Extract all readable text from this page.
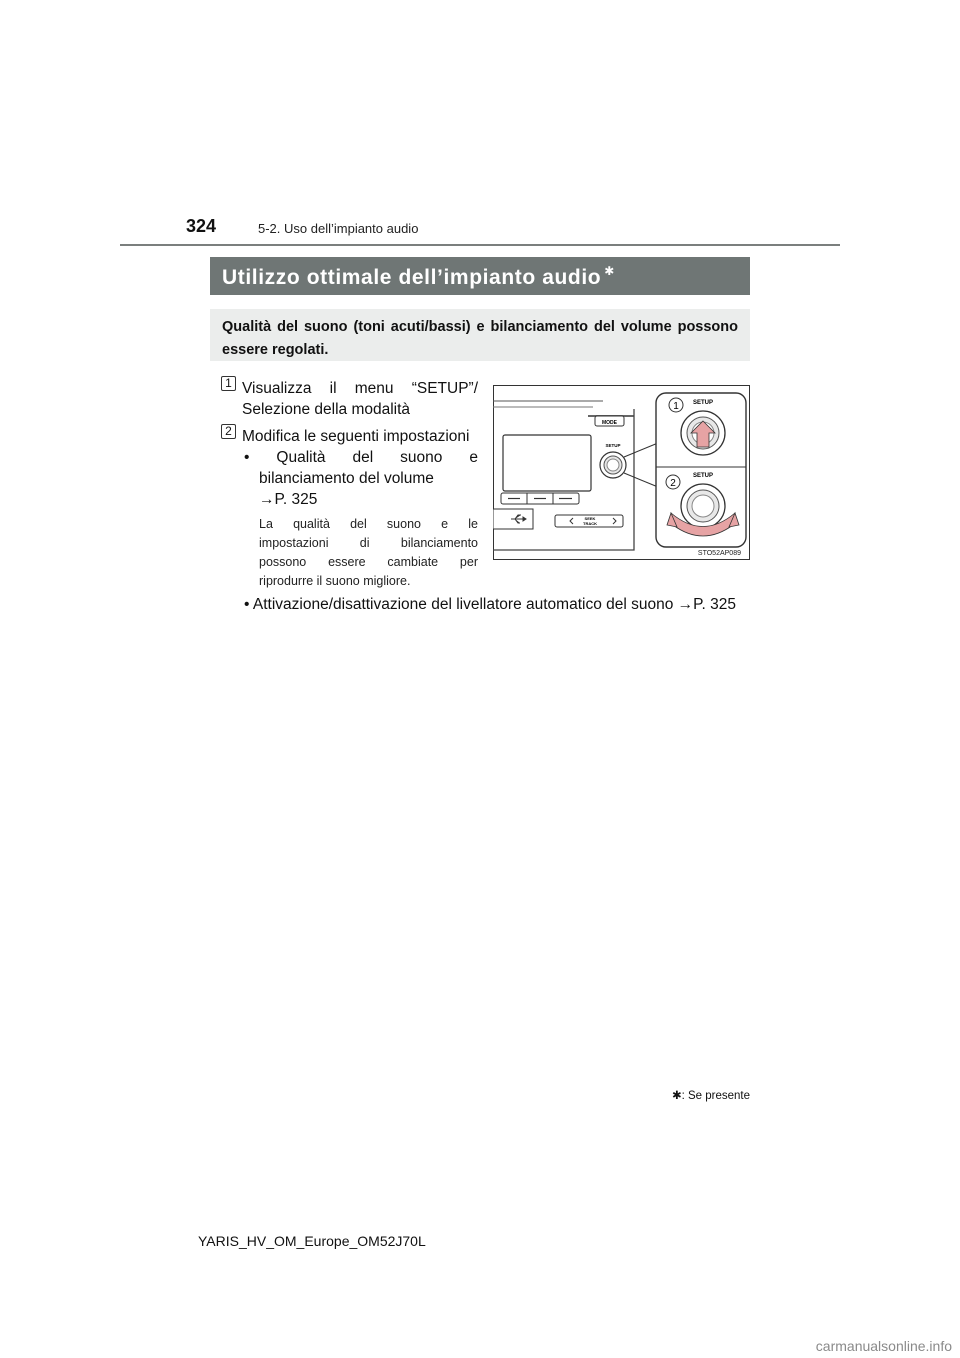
324	5-2. Uso dell’impianto audio
Utilizzo ottimale dell’impianto audio ✱
Qualità del suono (toni acuti/bassi) e bilanciamento del volume possono essere regolati.
1 Visualizza il menu “SETUP”/
Selezione della modalità
2 Modifica le seguenti impostazioni
• Qualità del suono e
bilanciamento del volume
→P. 325
La qualità del suono e le
impostazioni di bilanciamento
possono essere cambiate per
riprodurre il suono migliore.
• Attivazione/disattivazione del livellatore automatico del suono →P. 325
MODE
SETUP
SEEK
TRACK
1 SETUP
2
SETUP
STO52AP089
✱: Se presente
YARIS_HV_OM_Europe_OM52J70L
carmanualsonline.info
